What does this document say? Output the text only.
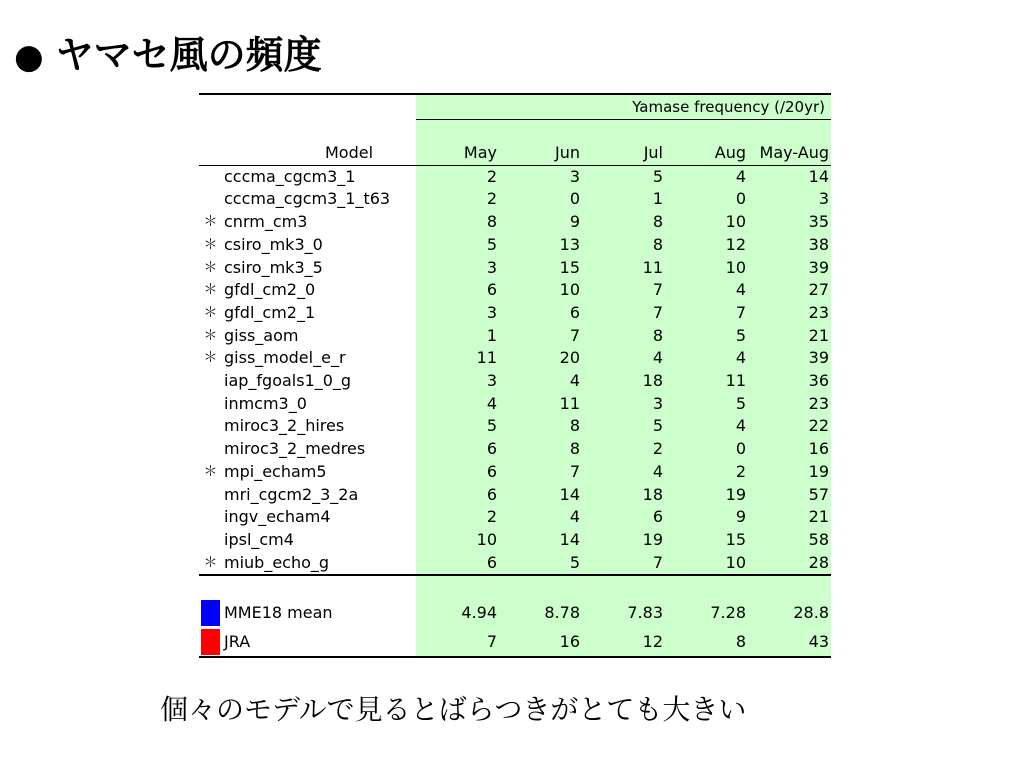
● ヤマセ風の頻度
		Yamase frequency (/20yr)				

	Model	May	Jun	Jul	Aug	May-Aug
	cccma_cgcm3_1	2	3	5	4	14
	cccma_cgcm3_1_t63	2	0	1	0	3
＊	cnrm_cm3	8	9	8	10	35
＊	csiro_mk3_0	5	13	8	12	38
＊	csiro_mk3_5	3	15	11	10	39
＊	gfdl_cm2_0	6	10	7	4	27
＊	gfdl_cm2_1	3	6	7	7	23
＊	giss_aom	1	7	8	5	21
＊	giss_model_e_r	11	20	4	4	39
	iap_fgoals1_0_g	3	4	18	11	36
	inmcm3_0	4	11	3	5	23
	miroc3_2_hires	5	8	5	4	22
	miroc3_2_medres	6	8	2	0	16
＊	mpi_echam5	6	7	4	2	19
	mri_cgcm2_3_2a	6	14	18	19	57
	ingv_echam4	2	4	6	9	21
	ipsl_cm4	10	14	19	15	58
＊	miub_echo_g	6	5	7	10	28

	MME18 mean	4.94	8.78	7.83	7.28	28.8
	JRA	7	16	12	8	43
個々のモデルで見るとばらつきがとても大きい
